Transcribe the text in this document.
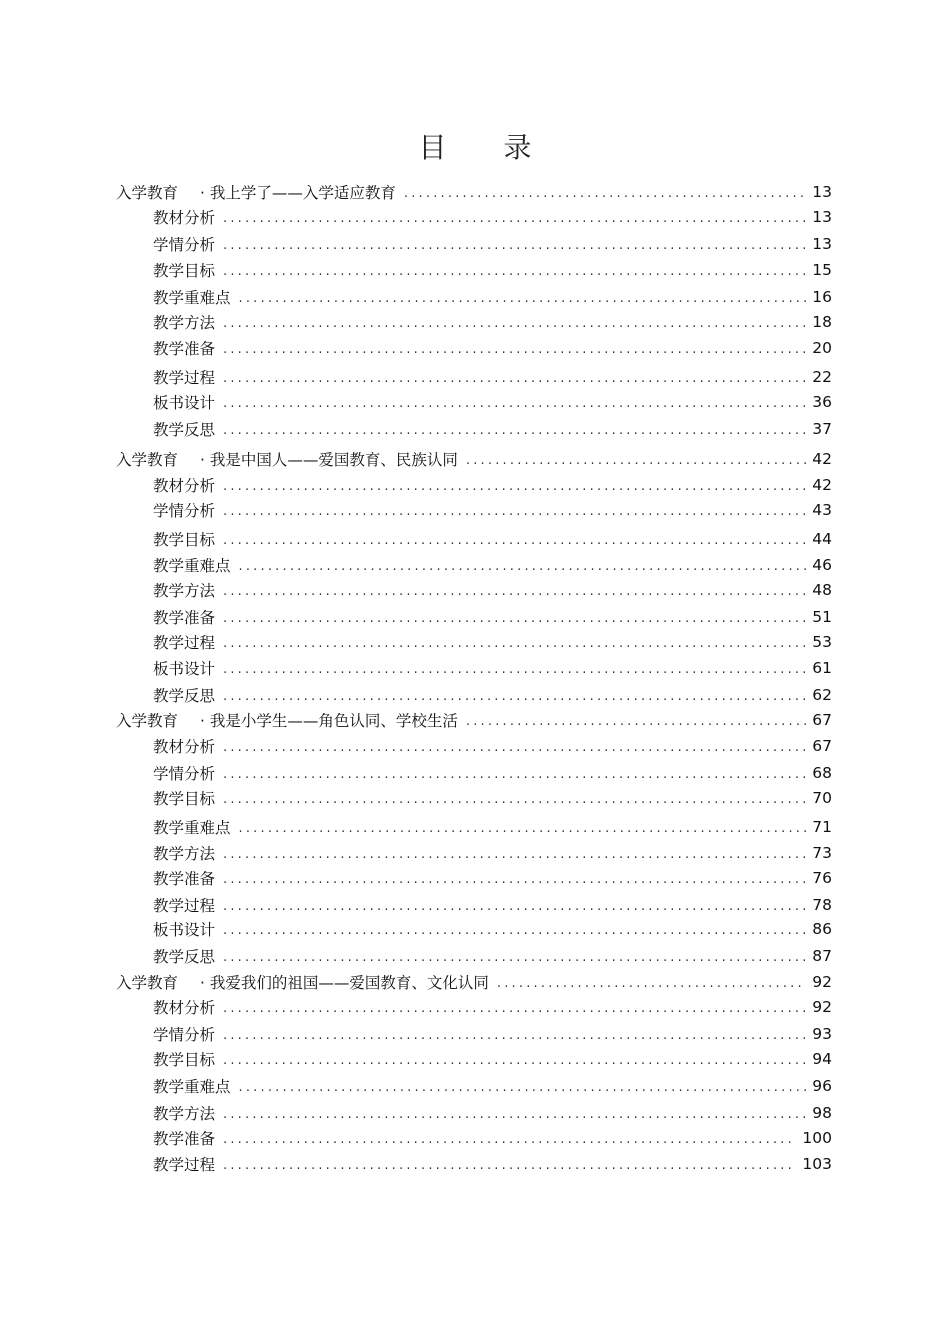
目 录
入学教育 · 我上学了——入学适应教育 .....	13
教材分析 .....	13
学情分析 .....	13
教学目标 .....	15
教学重难点 .....	16
教学方法 .....	18
教学准备 .....	20
教学过程 .....	22
板书设计 .....	36
教学反思 .....	37
入学教育 · 我是中国人——爱国教育、民族认同 .....	42
教材分析 .....	42
学情分析 .....	43
教学目标 .....	44
教学重难点 .....	46
教学方法 .....	48
教学准备 .....	51
教学过程 .....	53
板书设计 .....	61
教学反思 .....	62
入学教育 · 我是小学生——角色认同、学校生活 .....	67
教材分析 .....	67
学情分析 .....	68
教学目标 .....	70
教学重难点 .....	71
教学方法 .....	73
教学准备 .....	76
教学过程 .....	78
板书设计 .....	86
教学反思 .....	87
入学教育 · 我爱我们的祖国——爱国教育、文化认同 .....	92
教材分析 .....	92
学情分析 .....	93
教学目标 .....	94
教学重难点 .....	96
教学方法 .....	98
教学准备 .....	100
教学过程 .....	103
